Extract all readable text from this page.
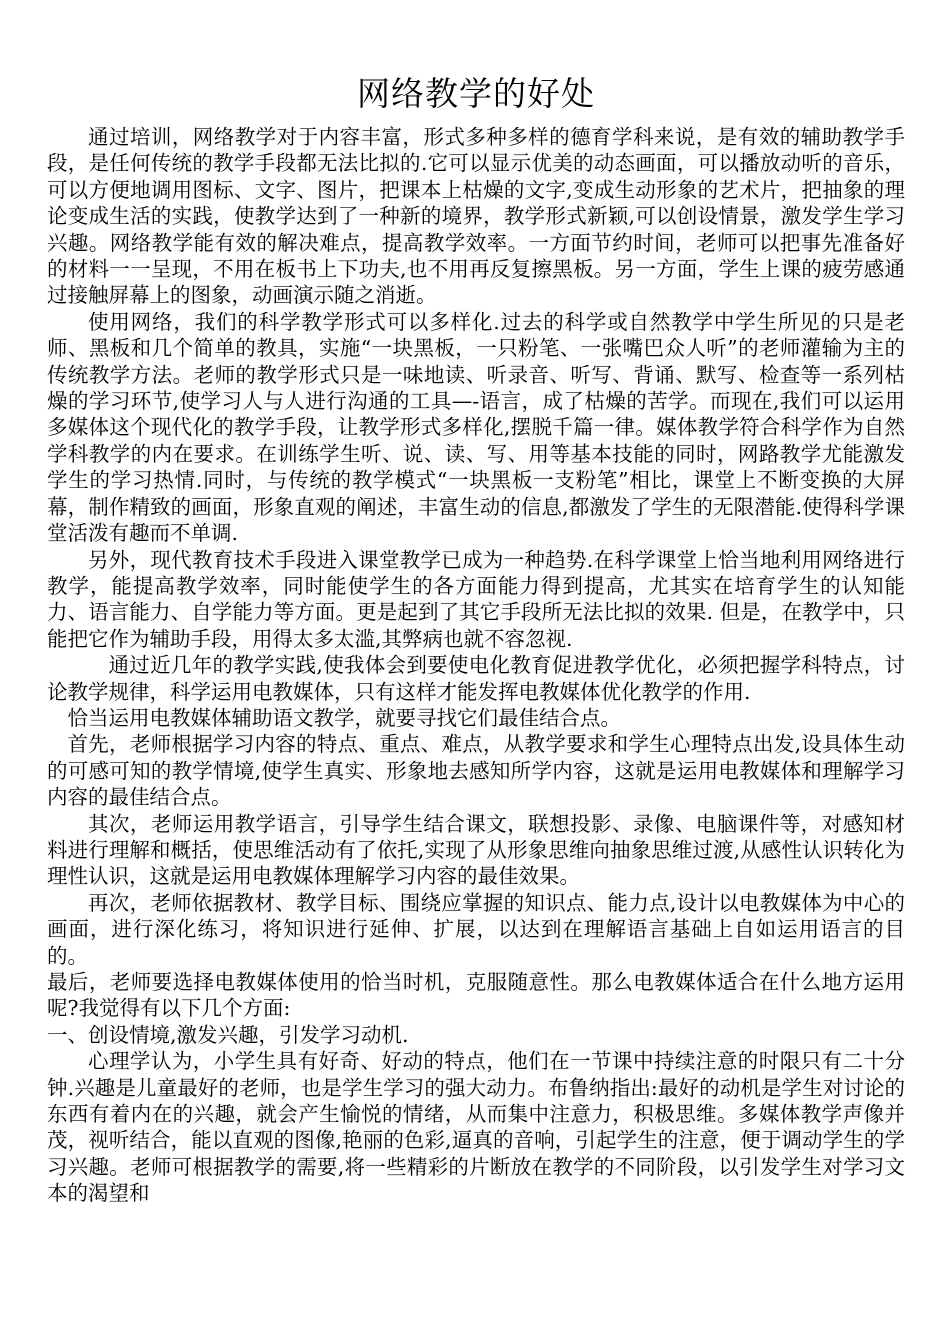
网络教学的好处

通过培训，网络教学对于内容丰富，形式多种多样的德育学科来说，是有效的辅助教学手段，是任何传统的教学手段都无法比拟的.它可以显示优美的动态画面，可以播放动听的音乐，可以方便地调用图标、文字、图片，把课本上枯燥的文字,变成生动形象的艺术片，把抽象的理论变成生活的实践，使教学达到了一种新的境界，教学形式新颖,可以创设情景，激发学生学习兴趣。网络教学能有效的解决难点，提高教学效率。一方面节约时间，老师可以把事先准备好的材料一一呈现，不用在板书上下功夫,也不用再反复擦黑板。另一方面，学生上课的疲劳感通过接触屏幕上的图象，动画演示随之消逝。

使用网络，我们的科学教学形式可以多样化.过去的科学或自然教学中学生所见的只是老师、黑板和几个简单的教具，实施“一块黑板，一只粉笔、一张嘴巴众人听”的老师灌输为主的传统教学方法。老师的教学形式只是一味地读、听录音、听写、背诵、默写、检查等一系列枯燥的学习环节,使学习人与人进行沟通的工具—-语言，成了枯燥的苦学。而现在,我们可以运用多媒体这个现代化的教学手段，让教学形式多样化,摆脱千篇一律。媒体教学符合科学作为自然学科教学的内在要求。在训练学生听、说、读、写、用等基本技能的同时，网路教学尤能激发学生的学习热情.同时，与传统的教学模式“一块黑板一支粉笔”相比，课堂上不断变换的大屏幕，制作精致的画面，形象直观的阐述，丰富生动的信息,都激发了学生的无限潜能.使得科学课堂活泼有趣而不单调.

另外，现代教育技术手段进入课堂教学已成为一种趋势.在科学课堂上恰当地利用网络进行教学，能提高教学效率，同时能使学生的各方面能力得到提高，尤其实在培育学生的认知能力、语言能力、自学能力等方面。更是起到了其它手段所无法比拟的效果. 但是，在教学中，只能把它作为辅助手段，用得太多太滥,其弊病也就不容忽视.

通过近几年的教学实践,使我体会到要使电化教育促进教学优化，必须把握学科特点，讨论教学规律，科学运用电教媒体，只有这样才能发挥电教媒体优化教学的作用.

恰当运用电教媒体辅助语文教学，就要寻找它们最佳结合点。

首先，老师根据学习内容的特点、重点、难点，从教学要求和学生心理特点出发,设具体生动的可感可知的教学情境,使学生真实、形象地去感知所学内容，这就是运用电教媒体和理解学习内容的最佳结合点。

其次，老师运用教学语言，引导学生结合课文，联想投影、录像、电脑课件等，对感知材料进行理解和概括，使思维活动有了依托,实现了从形象思维向抽象思维过渡,从感性认识转化为理性认识，这就是运用电教媒体理解学习内容的最佳效果。

再次，老师依据教材、教学目标、围绕应掌握的知识点、能力点,设计以电教媒体为中心的画面，进行深化练习，将知识进行延伸、扩展，以达到在理解语言基础上自如运用语言的目的。

最后，老师要选择电教媒体使用的恰当时机，克服随意性。那么电教媒体适合在什么地方运用呢?我觉得有以下几个方面:

一、创设情境,激发兴趣，引发学习动机.

心理学认为，小学生具有好奇、好动的特点，他们在一节课中持续注意的时限只有二十分钟.兴趣是儿童最好的老师，也是学生学习的强大动力。布鲁纳指出:最好的动机是学生对讨论的东西有着内在的兴趣，就会产生愉悦的情绪，从而集中注意力，积极思维。多媒体教学声像并茂，视听结合，能以直观的图像,艳丽的色彩,逼真的音响，引起学生的注意，便于调动学生的学习兴趣。老师可根据教学的需要,将一些精彩的片断放在教学的不同阶段，以引发学生对学习文本的渴望和
